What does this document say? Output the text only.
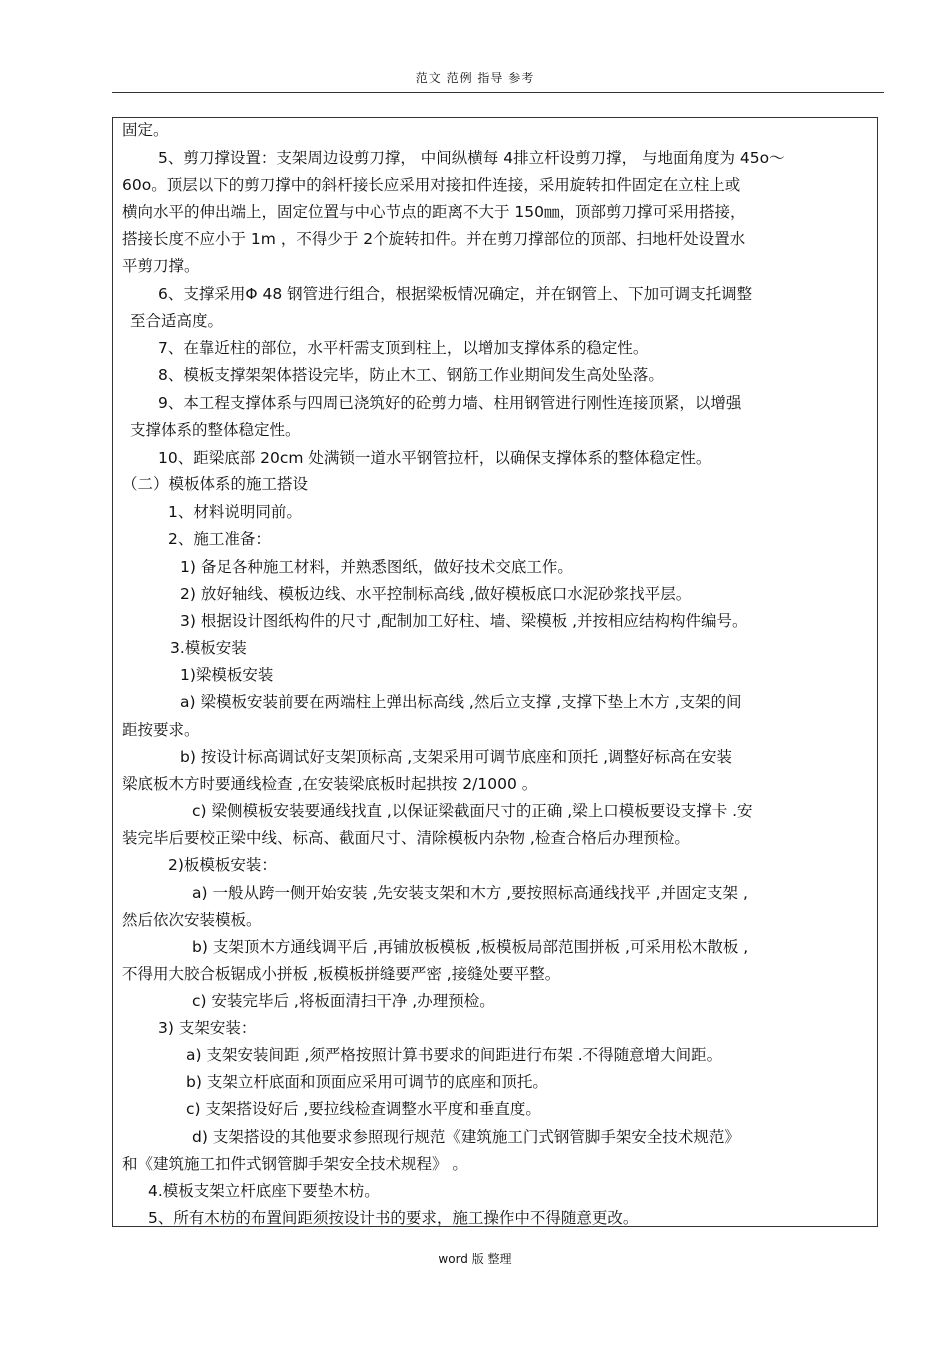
范文 范例 指导 参考
固定。
5、剪刀撑设置：支架周边设剪刀撑， 中间纵横每 4排立杆设剪刀撑， 与地面角度为 45o～
60o。顶层以下的剪刀撑中的斜杆接长应采用对接扣件连接，采用旋转扣件固定在立柱上或
横向水平的伸出端上，固定位置与中心节点的距离不大于 150㎜，顶部剪刀撑可采用搭接，
搭接长度不应小于 1m ，不得少于 2个旋转扣件。并在剪刀撑部位的顶部、扫地杆处设置水
平剪刀撑。
6、支撑采用Φ 48 钢管进行组合，根据梁板情况确定，并在钢管上、下加可调支托调整
至合适高度。
7、在靠近柱的部位，水平杆需支顶到柱上，以增加支撑体系的稳定性。
8、模板支撑架架体搭设完毕，防止木工、钢筋工作业期间发生高处坠落。
9、本工程支撑体系与四周已浇筑好的砼剪力墙、柱用钢管进行刚性连接顶紧，以增强
支撑体系的整体稳定性。
10、距梁底部 20cm 处满锁一道水平钢管拉杆，以确保支撑体系的整体稳定性。
（二）模板体系的施工搭设
1、材料说明同前。
2、施工准备：
1) 备足各种施工材料，并熟悉图纸，做好技术交底工作。
2) 放好轴线、模板边线、水平控制标高线 ,做好模板底口水泥砂浆找平层。
3) 根据设计图纸构件的尺寸 ,配制加工好柱、墙、梁模板 ,并按相应结构构件编号。
3.模板安装
1)梁模板安装
a) 梁模板安装前要在两端柱上弹出标高线 ,然后立支撑 ,支撑下垫上木方 ,支架的间
距按要求。
b) 按设计标高调试好支架顶标高 ,支架采用可调节底座和顶托 ,调整好标高在安装
梁底板木方时要通线检查 ,在安装梁底板时起拱按 2/1000 。
c) 梁侧模板安装要通线找直 ,以保证梁截面尺寸的正确 ,梁上口模板要设支撑卡 .安
装完毕后要校正梁中线、标高、截面尺寸、清除模板内杂物 ,检查合格后办理预检。
2)板模板安装：
a) 一般从跨一侧开始安装 ,先安装支架和木方 ,要按照标高通线找平 ,并固定支架 ,
然后依次安装模板。
b) 支架顶木方通线调平后 ,再铺放板模板 ,板模板局部范围拼板 ,可采用松木散板 ,
不得用大胶合板锯成小拼板 ,板模板拼缝要严密 ,接缝处要平整。
c) 安装完毕后 ,将板面清扫干净 ,办理预检。
3) 支架安装：
a) 支架安装间距 ,须严格按照计算书要求的间距进行布架 .不得随意增大间距。
b) 支架立杆底面和顶面应采用可调节的底座和顶托。
c) 支架搭设好后 ,要拉线检查调整水平度和垂直度。
d) 支架搭设的其他要求参照现行规范《建筑施工门式钢管脚手架安全技术规范》
和《建筑施工扣件式钢管脚手架安全技术规程》 。
4.模板支架立杆底座下要垫木枋。
5、所有木枋的布置间距须按设计书的要求，施工操作中不得随意更改。
word 版 整理
